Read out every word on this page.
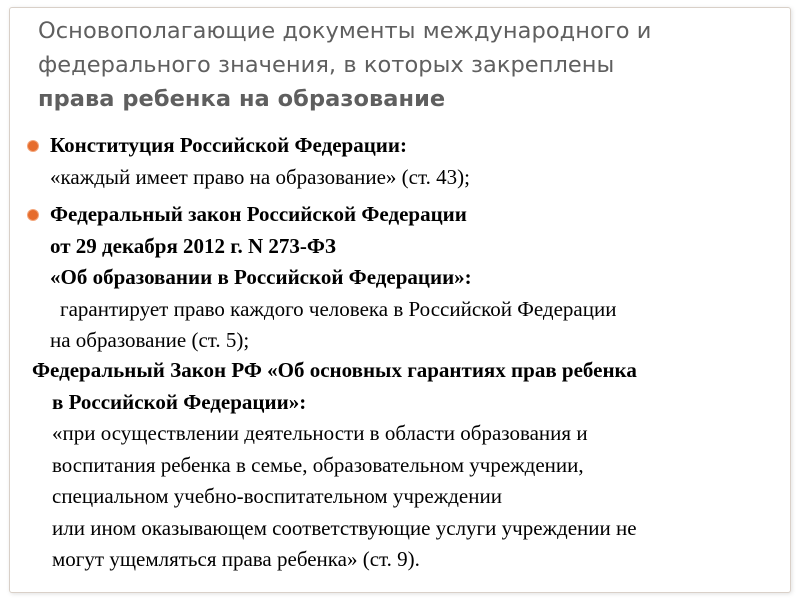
Основополагающие документы международного и
федерального значения, в которых закреплены
права ребенка на образование
Конституция Российской Федерации:
«каждый имеет право на образование» (ст. 43);
Федеральный закон Российской Федерации
от 29 декабря 2012 г. N 273-ФЗ
«Об образовании в Российской Федерации»:
гарантирует право каждого человека в Российской Федерации
на образование (ст. 5);
Федеральный Закон РФ «Об основных гарантиях прав ребенка
в Российской Федерации»:
«при осуществлении деятельности в области образования и
воспитания ребенка в семье, образовательном учреждении,
специальном учебно-воспитательном учреждении
или ином оказывающем соответствующие услуги учреждении не
могут ущемляться права ребенка» (ст. 9).
